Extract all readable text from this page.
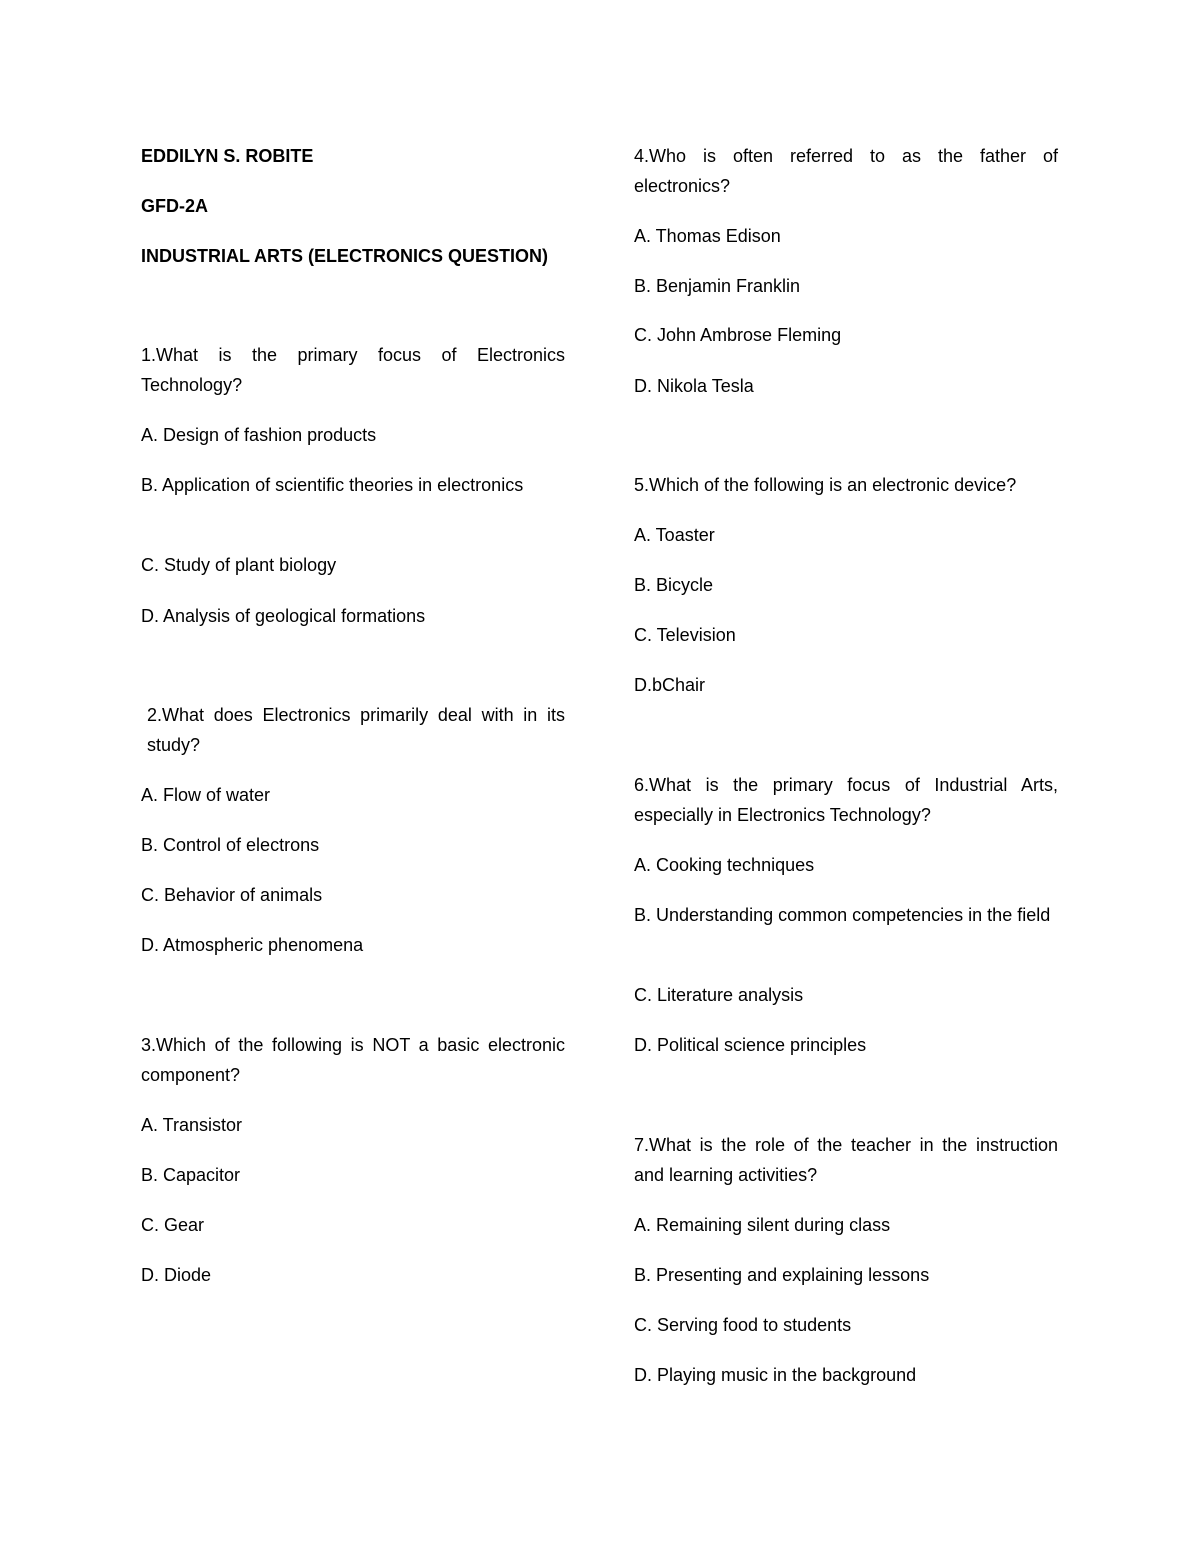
EDDILYN S. ROBITE
GFD-2A
INDUSTRIAL ARTS (ELECTRONICS QUESTION)
1.What is the primary focus of Electronics Technology?
A. Design of fashion products
B. Application of scientific theories in electronics
C. Study of plant biology
D. Analysis of geological formations
2.What does Electronics primarily deal with in its study?
A. Flow of water
B. Control of electrons
C. Behavior of animals
D. Atmospheric phenomena
3.Which of the following is NOT a basic electronic component?
A. Transistor
B. Capacitor
C. Gear
D. Diode
4.Who is often referred to as the father of electronics?
A. Thomas Edison
B. Benjamin Franklin
C. John Ambrose Fleming
D. Nikola Tesla
5.Which of the following is an electronic device?
A. Toaster
B. Bicycle
C. Television
D.bChair
6.What is the primary focus of Industrial Arts, especially in Electronics Technology?
A. Cooking techniques
B. Understanding common competencies in the field
C. Literature analysis
D. Political science principles
7.What is the role of the teacher in the instruction and learning activities?
A. Remaining silent during class
B. Presenting and explaining lessons
C. Serving food to students
D. Playing music in the background
